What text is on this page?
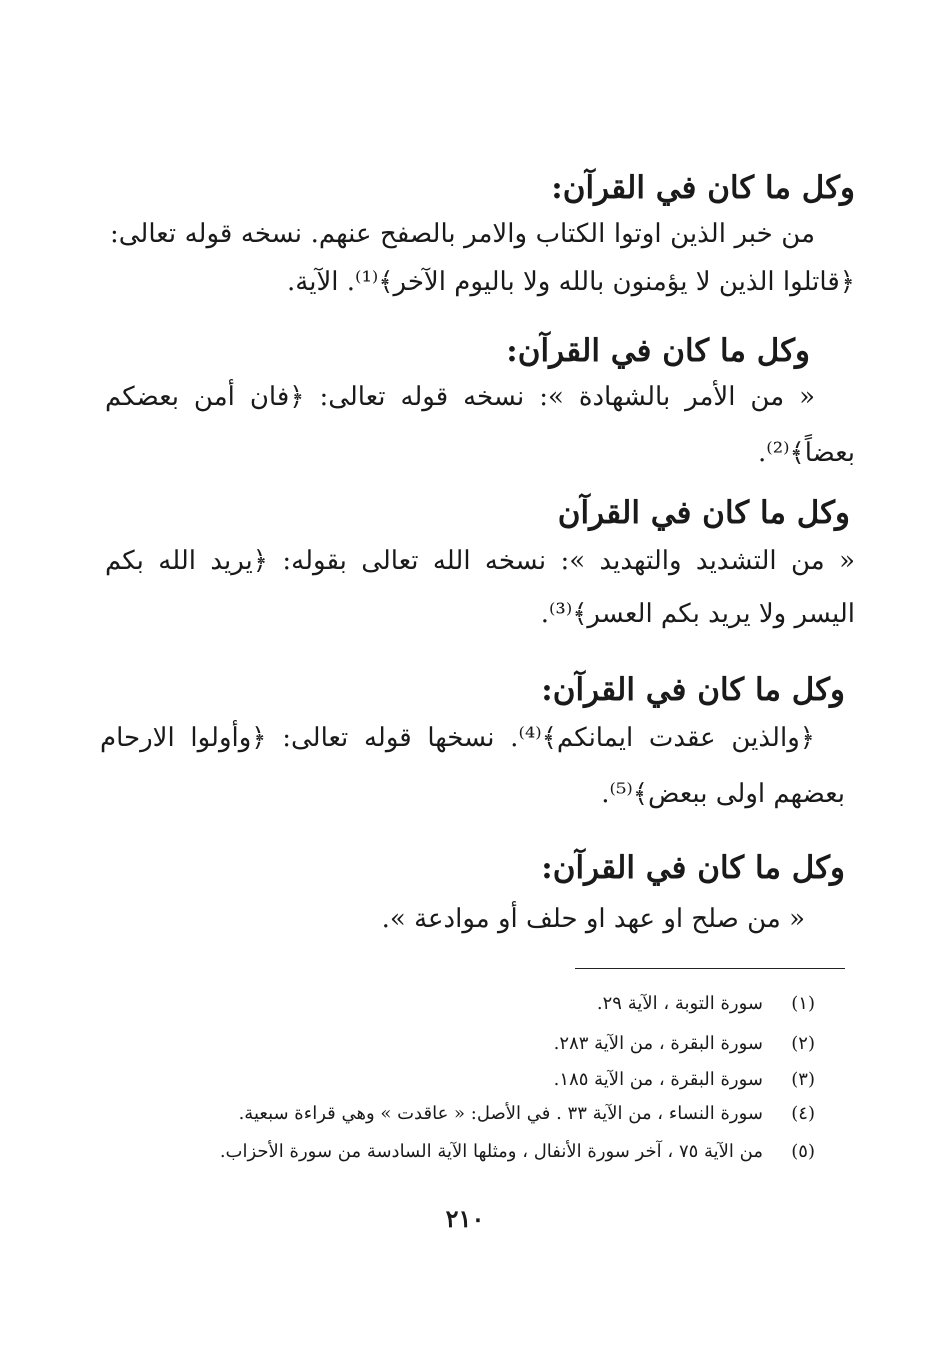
وكل ما كان في القرآن:
من خبر الذين اوتوا الكتاب والامر بالصفح عنهم. نسخه قوله تعالى:
﴿قاتلوا الذين لا يؤمنون بالله ولا باليوم الآخر﴾⁽¹⁾. الآية.
وكل ما كان في القرآن:
« من الأمر بالشهادة »: نسخه قوله تعالى: ﴿فان أمن بعضكم
بعضاً﴾⁽²⁾.
وكل ما كان في القرآن
« من التشديد والتهديد »: نسخه الله تعالى بقوله: ﴿يريد الله بكم
اليسر ولا يريد بكم العسر﴾⁽³⁾.
وكل ما كان في القرآن:
﴿والذين عقدت ايمانكم﴾⁽⁴⁾. نسخها قوله تعالى: ﴿وأولوا الارحام
بعضهم اولى ببعض﴾⁽⁵⁾.
وكل ما كان في القرآن:
« من صلح او عهد او حلف أو موادعة ».
(١)
سورة التوبة ، الآية ٢٩.
(٢)
سورة البقرة ، من الآية ٢٨٣.
(٣)
سورة البقرة ، من الآية ١٨٥.
(٤)
سورة النساء ، من الآية ٣٣ . في الأصل: « عاقدت » وهي قراءة سبعية.
(٥)
من الآية ٧٥ ، آخر سورة الأنفال ، ومثلها الآية السادسة من سورة الأحزاب.
٢١٠
